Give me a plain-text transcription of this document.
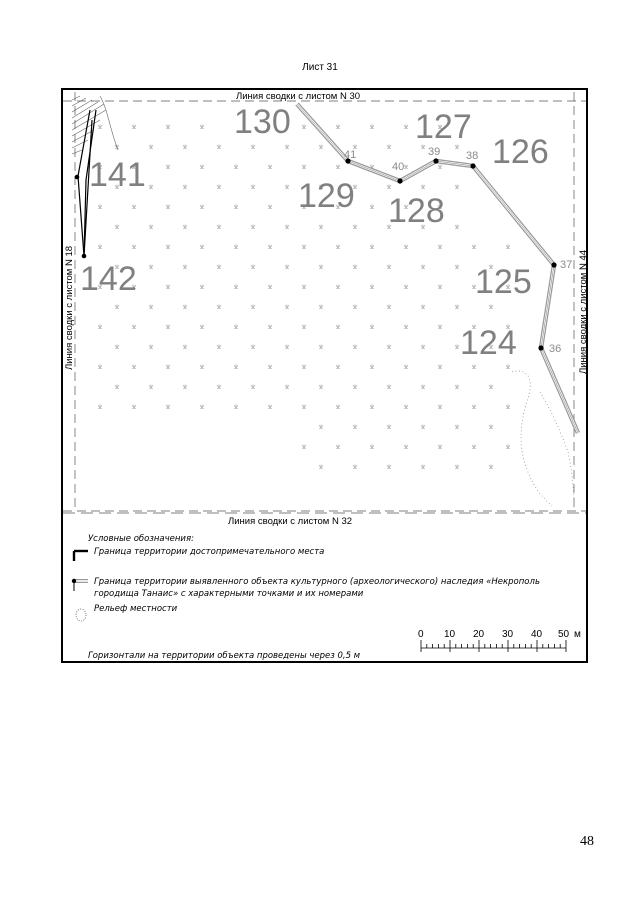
Лист 31
41
40
39 38
37
36
130	127
126
129 128
141
142	125
124
Линия сводки с листом N 30
Линия сводки с листом N 32
Линия сводки с листом N 18	Линия сводки с листом N 44
Условные обозначения:
Граница территории достопримечательного места
Граница территории выявленного объекта культурного (археологического) наследия «Некрополь
городища Танаис» с характерными точками и их номерами
Рельеф местности
Горизонтали на территории объекта проведены через 0,5 м
0 10 20 30 40 50 м
48
